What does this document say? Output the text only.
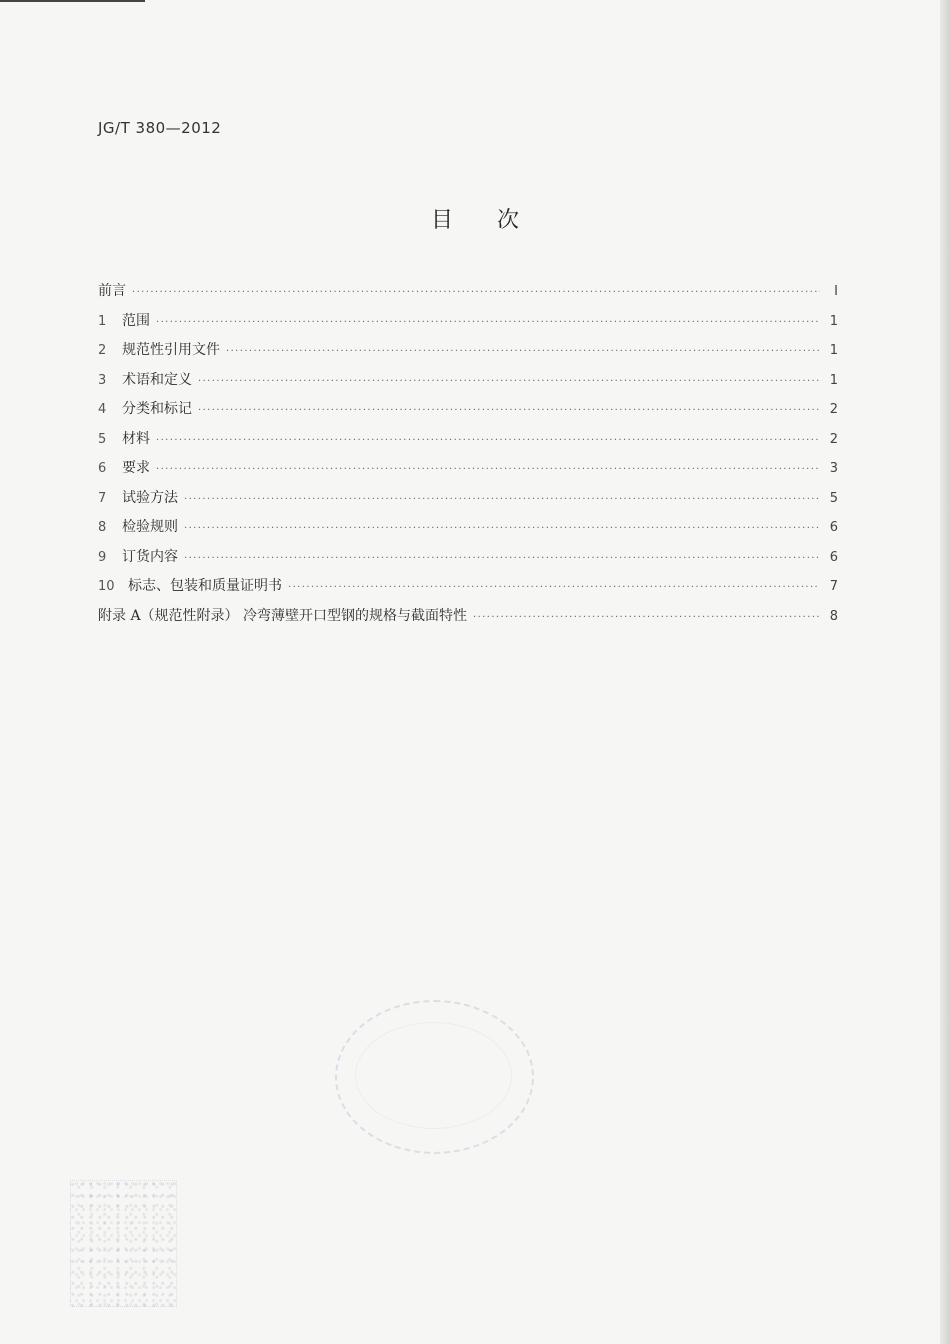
JG/T 380—2012
目 次
前言 ·····	Ⅰ
1	范围 ·····	1
2	规范性引用文件 ·····	1
3	术语和定义 ·····	1
4	分类和标记 ·····	2
5	材料 ·····	2
6	要求 ·····	3
7	试验方法 ·····	5
8	检验规则 ·····	6
9	订货内容 ·····	6
10 标志、包装和质量证明书 ·····	7
附录 A（规范性附录） 冷弯薄壁开口型钢的规格与截面特性 ·····	8
